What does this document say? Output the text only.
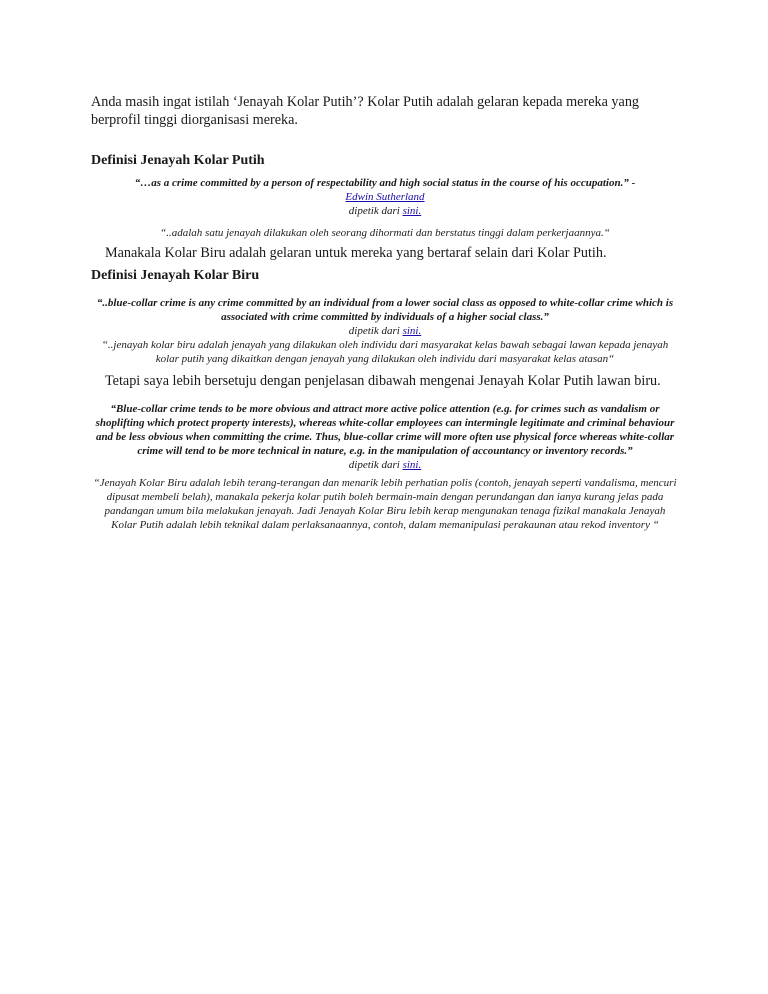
Anda masih ingat istilah ‘Jenayah Kolar Putih’? Kolar Putih adalah gelaran kepada mereka yang berprofil tinggi diorganisasi mereka.

Definisi Jenayah Kolar Putih

“…as a crime committed by a person of respectability and high social status in the course of his occupation.” -
Edwin Sutherland

dipetik dari sini.

“..adalah satu jenayah dilakukan oleh seorang dihormati dan berstatus tinggi dalam perkerjaannya.“

Manakala Kolar Biru adalah gelaran untuk mereka yang bertaraf selain dari Kolar Putih.

Definisi Jenayah Kolar Biru

“..blue-collar crime is any crime committed by an individual from a lower social class as opposed to white-collar crime which is associated with crime committed by individuals of a higher social class.”

dipetik dari sini.

“..jenayah kolar biru adalah jenayah yang dilakukan oleh individu dari masyarakat kelas bawah sebagai lawan kepada jenayah kolar putih yang dikaitkan dengan jenayah yang dilakukan oleh individu dari masyarakat kelas atasan“

Tetapi saya lebih bersetuju dengan penjelasan dibawah mengenai Jenayah Kolar Putih lawan biru.

“Blue-collar crime tends to be more obvious and attract more active police attention (e.g. for crimes such as vandalism or shoplifting which protect property interests), whereas white-collar employees can intermingle legitimate and criminal behaviour and be less obvious when committing the crime. Thus, blue-collar crime will more often use physical force whereas white-collar crime will tend to be more technical in nature, e.g. in the manipulation of accountancy or inventory records.”

dipetik dari sini.

“Jenayah Kolar Biru adalah lebih terang-terangan dan menarik lebih perhatian polis (contoh, jenayah seperti vandalisma, mencuri dipusat membeli belah), manakala pekerja kolar putih boleh bermain-main dengan perundangan dan ianya kurang jelas pada pandangan umum bila melakukan jenayah. Jadi Jenayah Kolar Biru lebih kerap mengunakan tenaga fizikal manakala Jenayah Kolar Putih adalah lebih teknikal dalam perlaksanaannya, contoh, dalam memanipulasi perakaunan atau rekod inventory “
